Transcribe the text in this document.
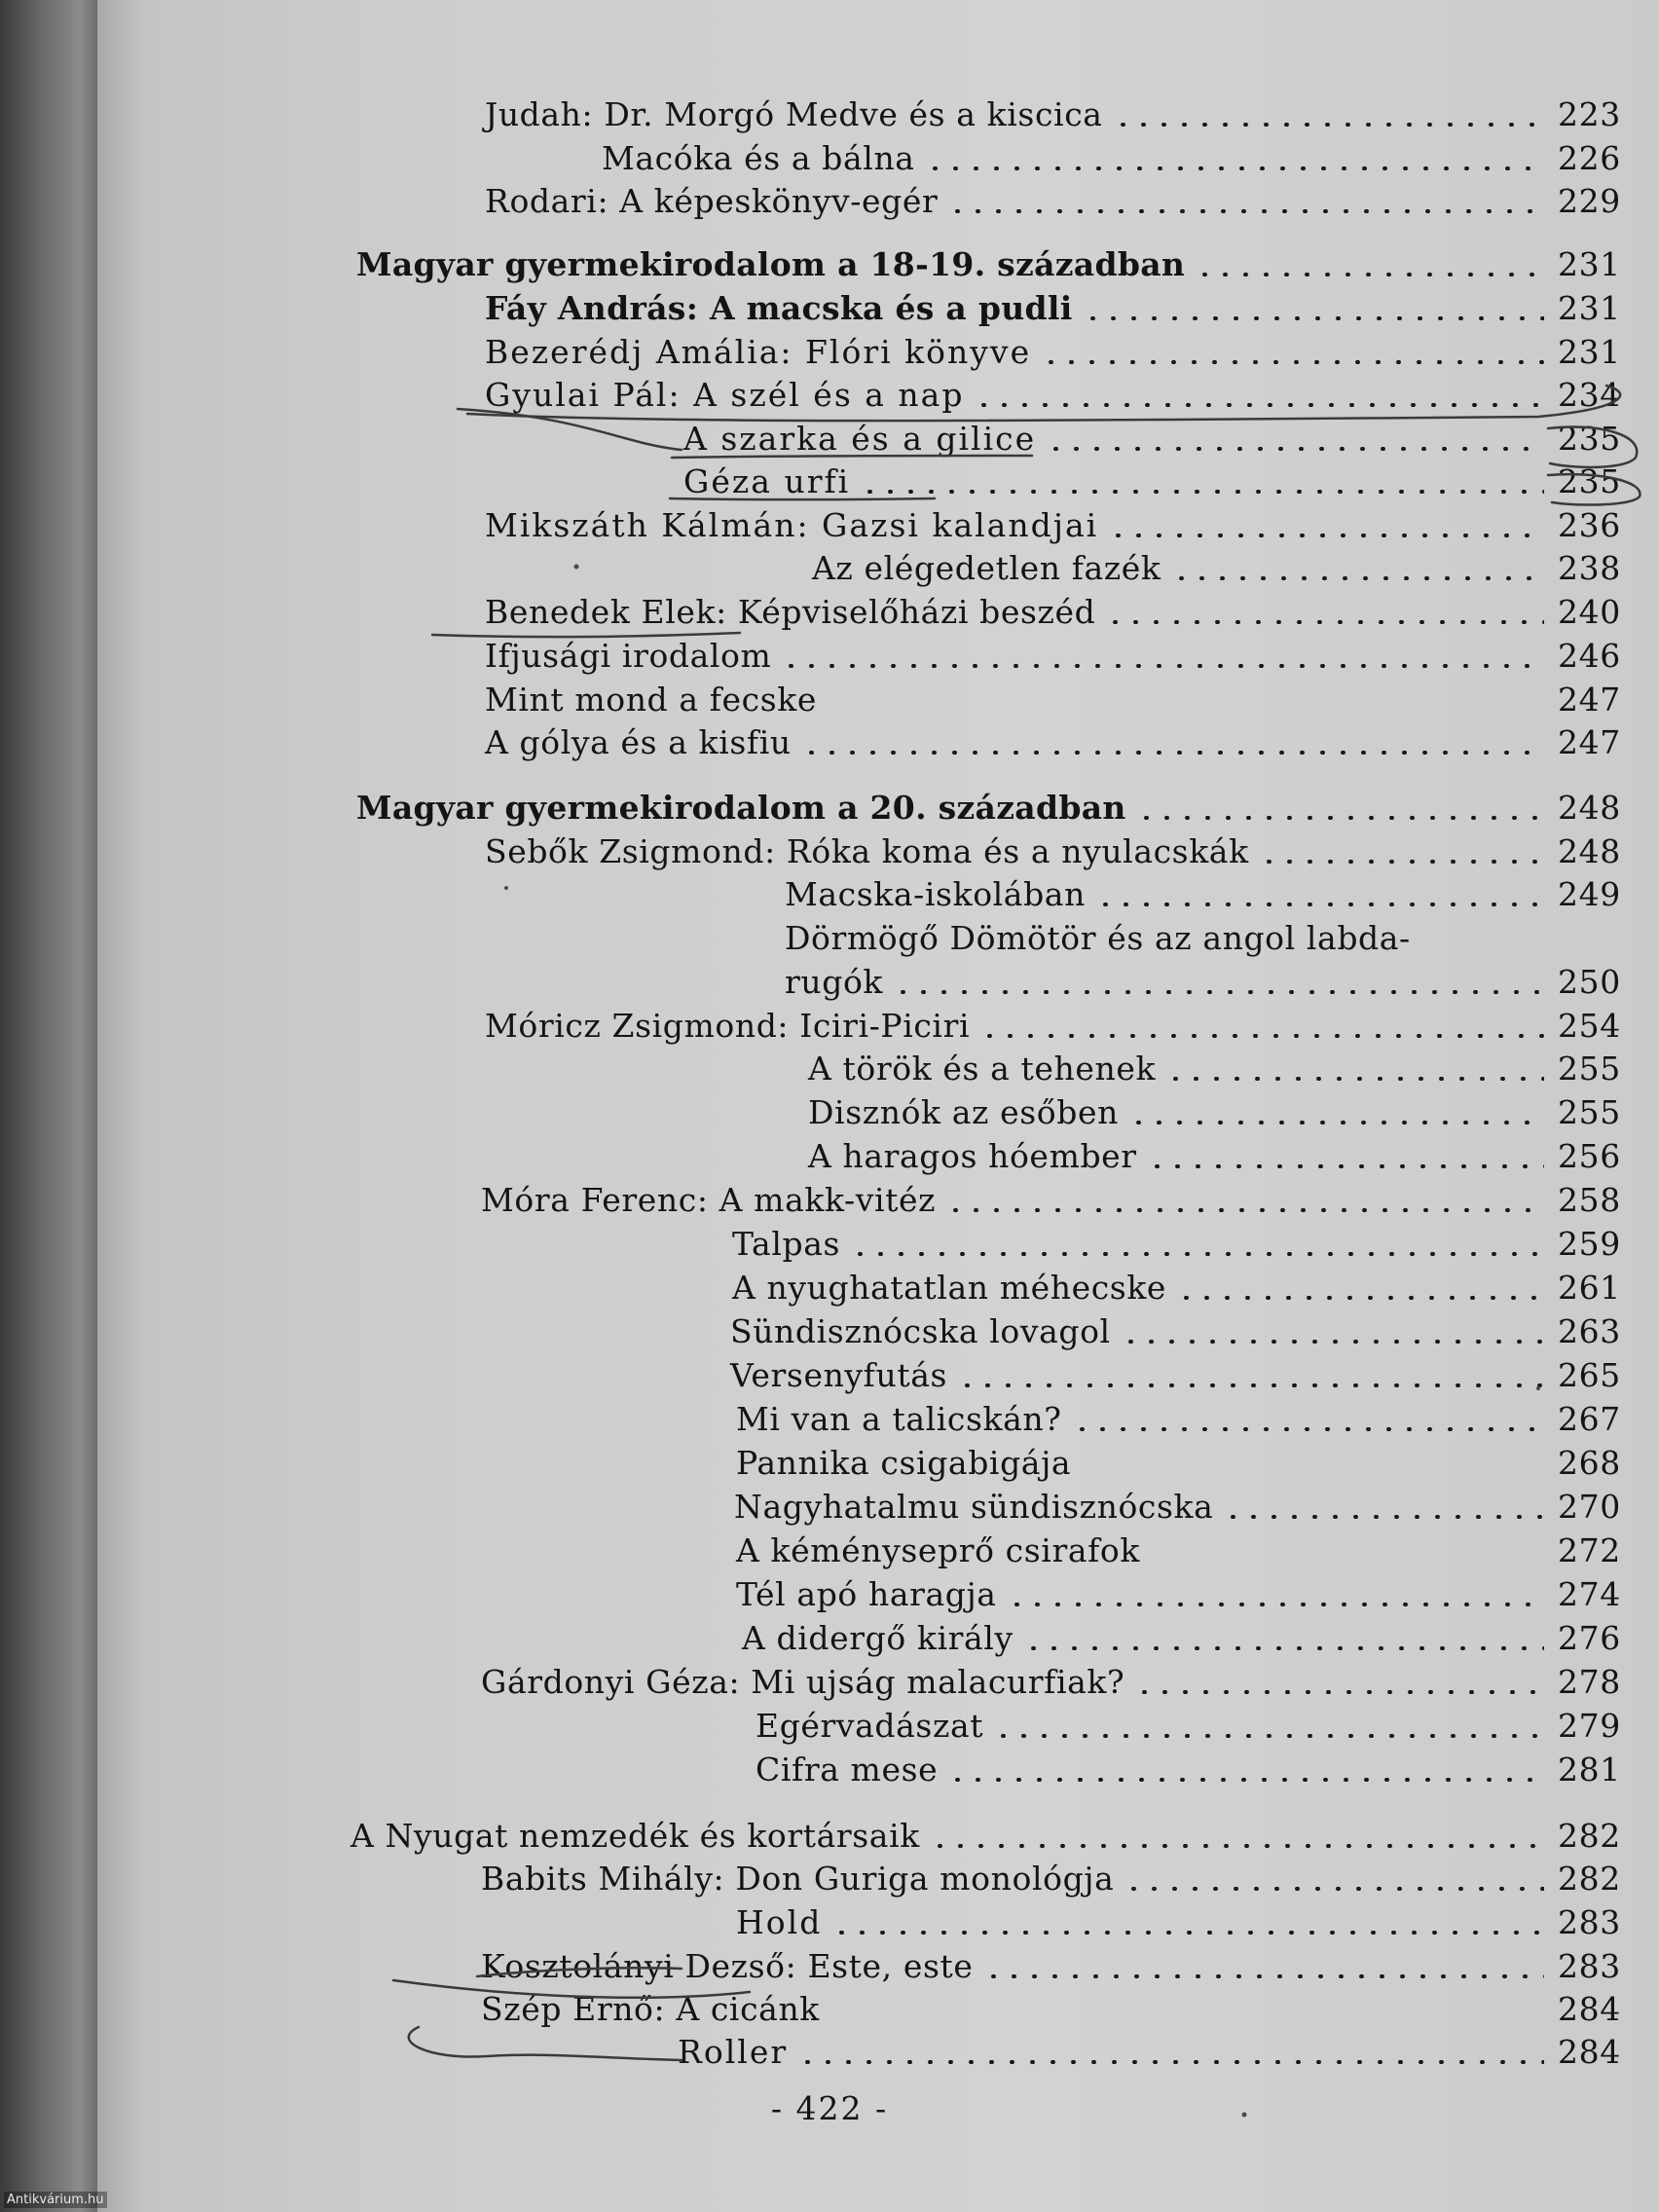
Judah: Dr. Morgó Medve és a kiscica	223
Macóka és a bálna	226
Rodari: A képeskönyv-egér	229
Magyar gyermekirodalom a 18-19. században	231
Fáy András: A macska és a pudli	231
Bezerédj Amália: Flóri könyve	231
Gyulai Pál: A szél és a nap	234
A szarka és a gilice	235
Géza urfi	235
Mikszáth Kálmán: Gazsi kalandjai	236
Az elégedetlen fazék	238
Benedek Elek: Képviselőházi beszéd	240
Ifjusági irodalom	246
Mint mond a fecske	247
A gólya és a kisfiu	247
Magyar gyermekirodalom a 20. században	248
Sebők Zsigmond: Róka koma és a nyulacskák	248
Macska-iskolában	249
Dörmögő Dömötör és az angol labda-
rugók	250
Móricz Zsigmond: Iciri-Piciri	254
A török és a tehenek	255
Disznók az esőben	255
A haragos hóember	256
Móra Ferenc: A makk-vitéz	258
Talpas	259
A nyughatatlan méhecske	261
Sündisznócska lovagol	263
Versenyfutás	265
Mi van a talicskán?	267
Pannika csigabigája	268
Nagyhatalmu sündisznócska	270
A kéményseprő csirafok	272
Tél apó haragja	274
A didergő király	276
Gárdonyi Géza: Mi ujság malacurfiak?	278
Egérvadászat	279
Cifra mese	281
A Nyugat nemzedék és kortársaik	282
Babits Mihály: Don Guriga monológja	282
Hold	283
Kosztolányi Dezső: Este, este	283
Szép Ernő: A cicánk	284
Roller	284
- 422 -
Antikvárium.hu
